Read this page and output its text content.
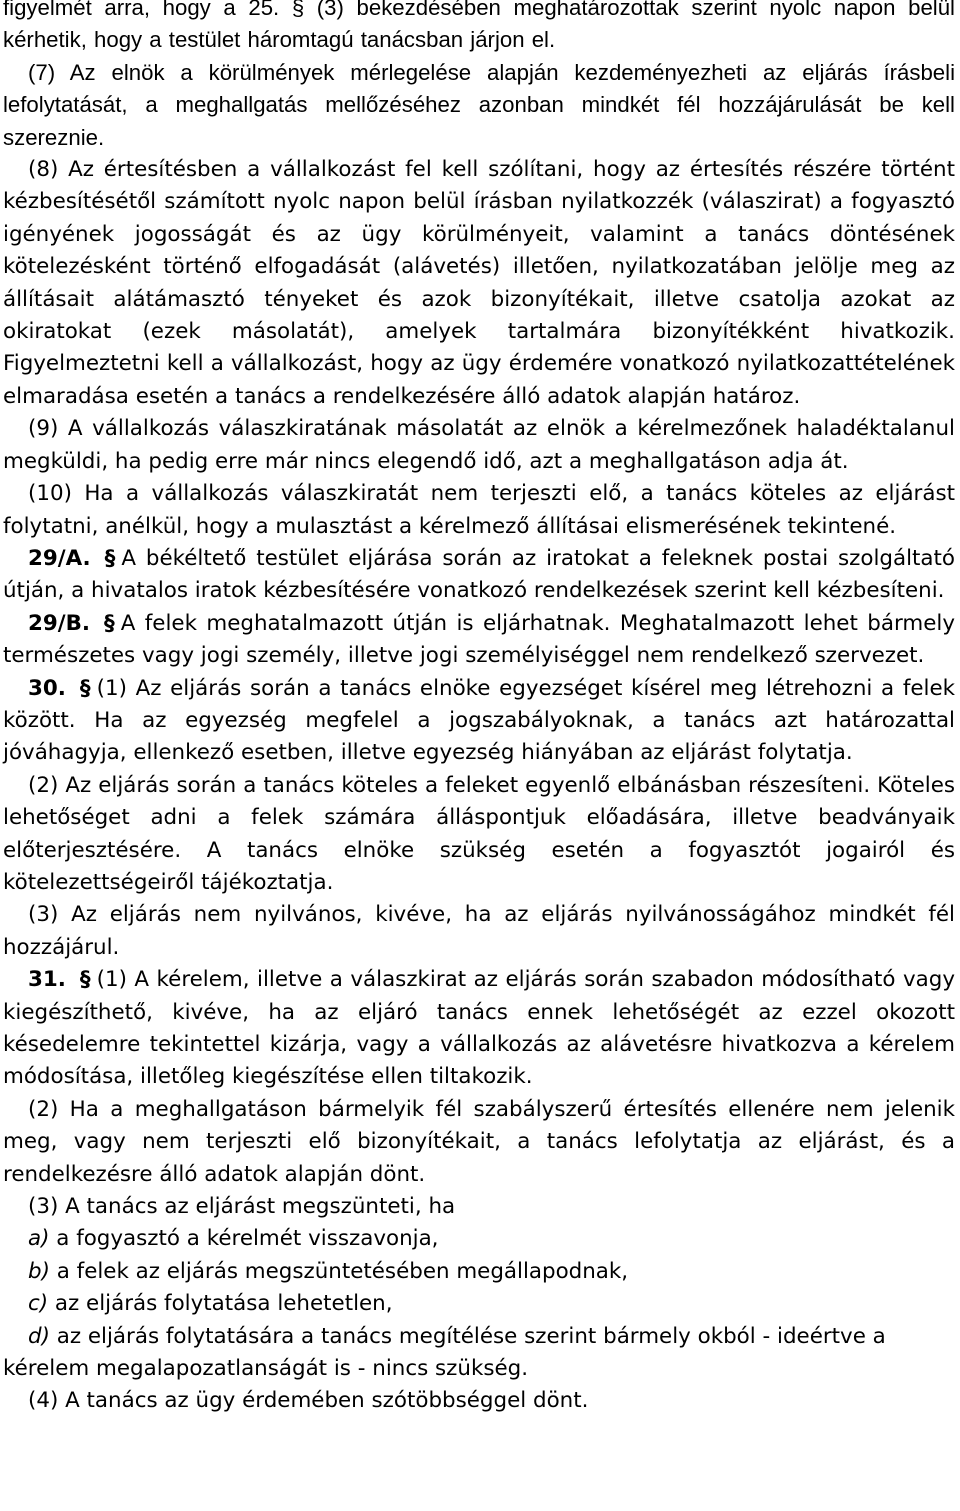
figyelmét arra, hogy a 25. § (3) bekezdésében meghatározottak szerint nyolc napon belül kérhetik, hogy a testület háromtagú tanácsban járjon el.

(7) Az elnök a körülmények mérlegelése alapján kezdeményezheti az eljárás írásbeli lefolytatását, a meghallgatás mellőzéséhez azonban mindkét fél hozzájárulását be kell szereznie.

(8) Az értesítésben a vállalkozást fel kell szólítani, hogy az értesítés részére történt kézbesítésétől számított nyolc napon belül írásban nyilatkozzék (válaszirat) a fogyasztó igényének jogosságát és az ügy körülményeit, valamint a tanács döntésének kötelezésként történő elfogadását (alávetés) illetően, nyilatkozatában jelölje meg az állításait alátámasztó tényeket és azok bizonyítékait, illetve csatolja azokat az okiratokat (ezek másolatát), amelyek tartalmára bizonyítékként hivatkozik. Figyelmeztetni kell a vállalkozást, hogy az ügy érdemére vonatkozó nyilatkozattételének elmaradása esetén a tanács a rendelkezésére álló adatok alapján határoz.

(9) A vállalkozás válaszkiratának másolatát az elnök a kérelmezőnek haladéktalanul megküldi, ha pedig erre már nincs elegendő idő, azt a meghallgatáson adja át.

(10) Ha a vállalkozás válaszkiratát nem terjeszti elő, a tanács köteles az eljárást folytatni, anélkül, hogy a mulasztást a kérelmező állításai elismerésének tekintené.

29/A. § A békéltető testület eljárása során az iratokat a feleknek postai szolgáltató útján, a hivatalos iratok kézbesítésére vonatkozó rendelkezések szerint kell kézbesíteni.

29/B. § A felek meghatalmazott útján is eljárhatnak. Meghatalmazott lehet bármely természetes vagy jogi személy, illetve jogi személyiséggel nem rendelkező szervezet.

30. § (1) Az eljárás során a tanács elnöke egyezséget kísérel meg létrehozni a felek között. Ha az egyezség megfelel a jogszabályoknak, a tanács azt határozattal jóváhagyja, ellenkező esetben, illetve egyezség hiányában az eljárást folytatja.

(2) Az eljárás során a tanács köteles a feleket egyenlő elbánásban részesíteni. Köteles lehetőséget adni a felek számára álláspontjuk előadására, illetve beadványaik előterjesztésére. A tanács elnöke szükség esetén a fogyasztót jogairól és kötelezettségeiről tájékoztatja.

(3) Az eljárás nem nyilvános, kivéve, ha az eljárás nyilvánosságához mindkét fél hozzájárul.

31. § (1) A kérelem, illetve a válaszkirat az eljárás során szabadon módosítható vagy kiegészíthető, kivéve, ha az eljáró tanács ennek lehetőségét az ezzel okozott késedelemre tekintettel kizárja, vagy a vállalkozás az alávetésre hivatkozva a kérelem módosítása, illetőleg kiegészítése ellen tiltakozik.

(2) Ha a meghallgatáson bármelyik fél szabályszerű értesítés ellenére nem jelenik meg, vagy nem terjeszti elő bizonyítékait, a tanács lefolytatja az eljárást, és a rendelkezésre álló adatok alapján dönt.

(3) A tanács az eljárást megszünteti, ha

a) a fogyasztó a kérelmét visszavonja,

b) a felek az eljárás megszüntetésében megállapodnak,

c) az eljárás folytatása lehetetlen,

d) az eljárás folytatására a tanács megítélése szerint bármely okból - ideértve a kérelem megalapozatlanságát is - nincs szükség.

(4) A tanács az ügy érdemében szótöbbséggel dönt.
